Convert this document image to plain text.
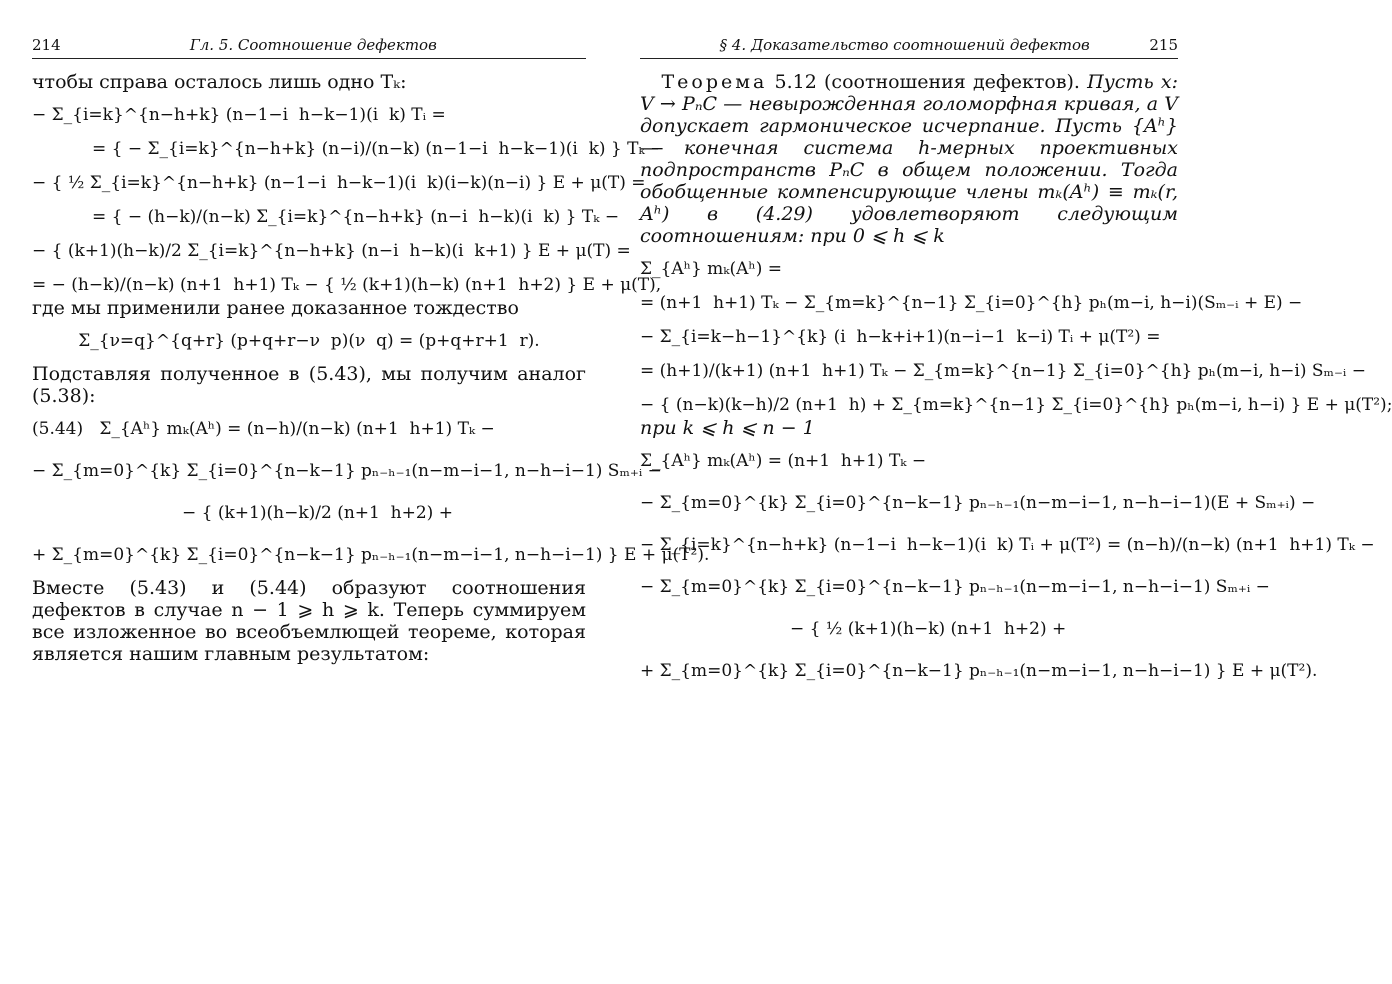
214	Гл. 5. Соотношение дефектов

чтобы справа осталось лишь одно Tₖ:

− Σ_{i=k}^{n−h+k} (n−1−i  h−k−1)(i  k) Tᵢ =

= { − Σ_{i=k}^{n−h+k} (n−i)/(n−k) (n−1−i  h−k−1)(i  k) } Tₖ −

− { ½ Σ_{i=k}^{n−h+k} (n−1−i  h−k−1)(i  k)(i−k)(n−i) } E + μ(T) =

= { − (h−k)/(n−k) Σ_{i=k}^{n−h+k} (n−i  h−k)(i  k) } Tₖ −

− { (k+1)(h−k)/2 Σ_{i=k}^{n−h+k} (n−i  h−k)(i  k+1) } E + μ(T) =

= − (h−k)/(n−k) (n+1  h+1) Tₖ − { ½ (k+1)(h−k) (n+1  h+2) } E + μ(T),

где мы применили ранее доказанное тождество

Σ_{ν=q}^{q+r} (p+q+r−ν  p)(ν  q) = (p+q+r+1  r).

Подставляя полученное в (5.43), мы получим аналог (5.38):

(5.44)   Σ_{Aʰ} mₖ(Aʰ) = (n−h)/(n−k) (n+1  h+1) Tₖ −

− Σ_{m=0}^{k} Σ_{i=0}^{n−k−1} pₙ₋ₕ₋₁(n−m−i−1, n−h−i−1) Sₘ₊ᵢ −

− { (k+1)(h−k)/2 (n+1  h+2) +

+ Σ_{m=0}^{k} Σ_{i=0}^{n−k−1} pₙ₋ₕ₋₁(n−m−i−1, n−h−i−1) } E + μ(T²).

Вместе (5.43) и (5.44) образуют соотношения дефектов в случае n − 1 ⩾ h ⩾ k. Теперь суммируем все изложенное во всеобъемлющей теореме, которая является нашим главным результатом:

§ 4. Доказательство соотношений дефектов	215

Теорема 5.12 (соотношения дефектов). Пусть x: V → PₙC — невырожденная голоморфная кривая, а V допускает гармоническое исчерпание. Пусть {Aʰ} — конечная система h-мерных проективных подпространств PₙC в общем положении. Тогда обобщенные компенсирующие члены mₖ(Aʰ) ≡ mₖ(r, Aʰ) в (4.29) удовлетворяют следующим соотношениям: при 0 ⩽ h ⩽ k

Σ_{Aʰ} mₖ(Aʰ) =

= (n+1  h+1) Tₖ − Σ_{m=k}^{n−1} Σ_{i=0}^{h} pₕ(m−i, h−i)(Sₘ₋ᵢ + E) −

− Σ_{i=k−h−1}^{k} (i  h−k+i+1)(n−i−1  k−i) Tᵢ + μ(T²) =

= (h+1)/(k+1) (n+1  h+1) Tₖ − Σ_{m=k}^{n−1} Σ_{i=0}^{h} pₕ(m−i, h−i) Sₘ₋ᵢ −

− { (n−k)(k−h)/2 (n+1  h) + Σ_{m=k}^{n−1} Σ_{i=0}^{h} pₕ(m−i, h−i) } E + μ(T²);

при k ⩽ h ⩽ n − 1

Σ_{Aʰ} mₖ(Aʰ) = (n+1  h+1) Tₖ −

− Σ_{m=0}^{k} Σ_{i=0}^{n−k−1} pₙ₋ₕ₋₁(n−m−i−1, n−h−i−1)(E + Sₘ₊ᵢ) −

− Σ_{i=k}^{n−h+k} (n−1−i  h−k−1)(i  k) Tᵢ + μ(T²) = (n−h)/(n−k) (n+1  h+1) Tₖ −

− Σ_{m=0}^{k} Σ_{i=0}^{n−k−1} pₙ₋ₕ₋₁(n−m−i−1, n−h−i−1) Sₘ₊ᵢ −

− { ½ (k+1)(h−k) (n+1  h+2) +

+ Σ_{m=0}^{k} Σ_{i=0}^{n−k−1} pₙ₋ₕ₋₁(n−m−i−1, n−h−i−1) } E + μ(T²).
